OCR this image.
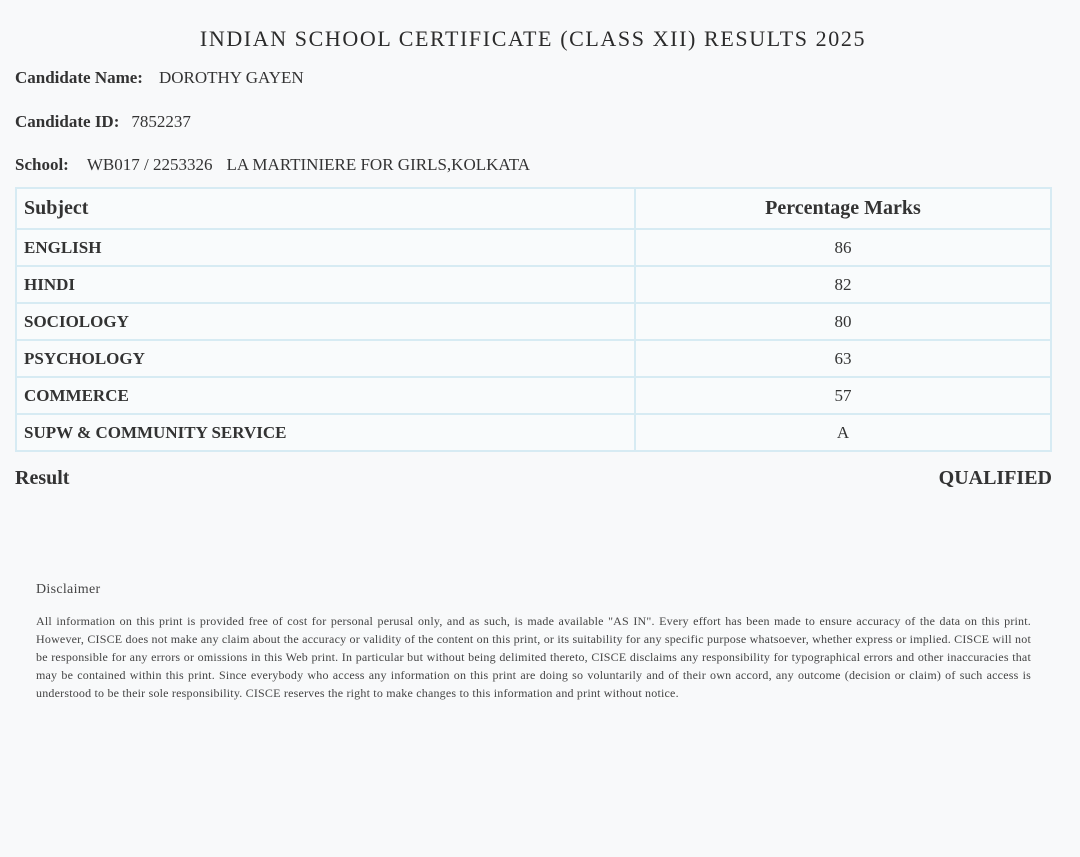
INDIAN SCHOOL CERTIFICATE (CLASS XII) RESULTS 2025
Candidate Name: DOROTHY GAYEN
Candidate ID: 7852237
School: WB017 / 2253326 LA MARTINIERE FOR GIRLS,KOLKATA
Subject	Percentage Marks
ENGLISH	86
HINDI	82
SOCIOLOGY	80
PSYCHOLOGY	63
COMMERCE	57
SUPW & COMMUNITY SERVICE	A
Result	QUALIFIED
Disclaimer
All information on this print is provided free of cost for personal perusal only, and as such, is made available "AS IN". Every effort has been made to ensure accuracy of the data on this print. However, CISCE does not make any claim about the accuracy or validity of the content on this print, or its suitability for any specific purpose whatsoever, whether express or implied. CISCE will not be responsible for any errors or omissions in this Web print. In particular but without being delimited thereto, CISCE disclaims any responsibility for typographical errors and other inaccuracies that may be contained within this print. Since everybody who access any information on this print are doing so voluntarily and of their own accord, any outcome (decision or claim) of such access is understood to be their sole responsibility. CISCE reserves the right to make changes to this information and print without notice.
